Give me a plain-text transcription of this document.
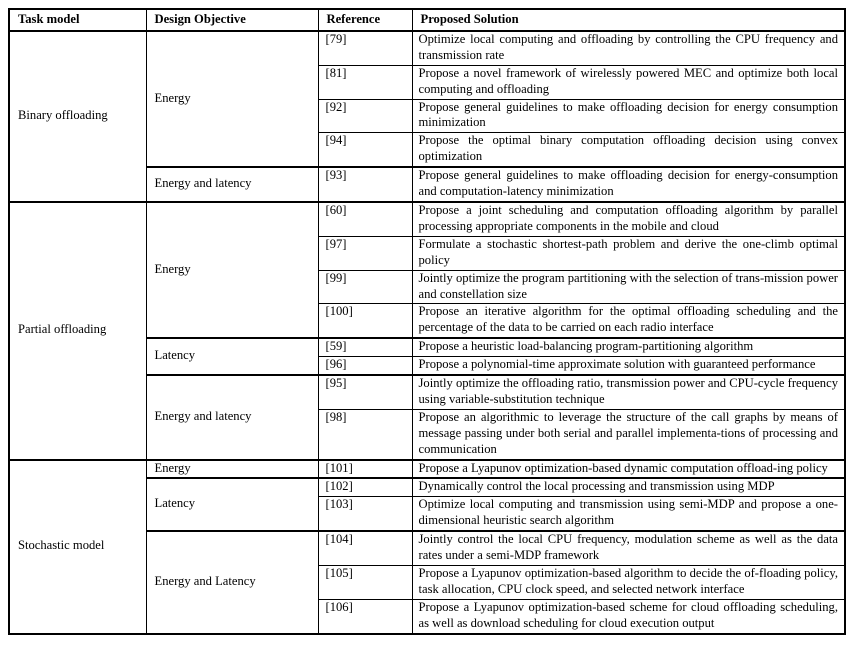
Task model	Design Objective	Reference	Proposed Solution
Binary offloading	Energy	[79]	Optimize local computing and offloading by controlling the CPU frequency and transmission rate
		[81]	Propose a novel framework of wirelessly powered MEC and optimize both local computing and offloading
		[92]	Propose general guidelines to make offloading decision for energy consumption minimization
		[94]	Propose the optimal binary computation offloading decision using convex optimization
	Energy and latency	[93]	Propose general guidelines to make offloading decision for energy-consumption and computation-latency minimization
Partial offloading	Energy	[60]	Propose a joint scheduling and computation offloading algorithm by parallel processing appropriate components in the mobile and cloud
		[97]	Formulate a stochastic shortest-path problem and derive the one-climb optimal policy
		[99]	Jointly optimize the program partitioning with the selection of trans-mission power and constellation size
		[100]	Propose an iterative algorithm for the optimal offloading scheduling and the percentage of the data to be carried on each radio interface
	Latency	[59]	Propose a heuristic load-balancing program-partitioning algorithm
		[96]	Propose a polynomial-time approximate solution with guaranteed performance
	Energy and latency	[95]	Jointly optimize the offloading ratio, transmission power and CPU-cycle frequency using variable-substitution technique
		[98]	Propose an algorithmic to leverage the structure of the call graphs by means of message passing under both serial and parallel implementa-tions of processing and communication
Stochastic model	Energy	[101]	Propose a Lyapunov optimization-based dynamic computation offload-ing policy
	Latency	[102]	Dynamically control the local processing and transmission using MDP
		[103]	Optimize local computing and transmission using semi-MDP and propose a one-dimensional heuristic search algorithm
	Energy and Latency	[104]	Jointly control the local CPU frequency, modulation scheme as well as the data rates under a semi-MDP framework
		[105]	Propose a Lyapunov optimization-based algorithm to decide the of-floading policy, task allocation, CPU clock speed, and selected network interface
		[106]	Propose a Lyapunov optimization-based scheme for cloud offloading scheduling, as well as download scheduling for cloud execution output
